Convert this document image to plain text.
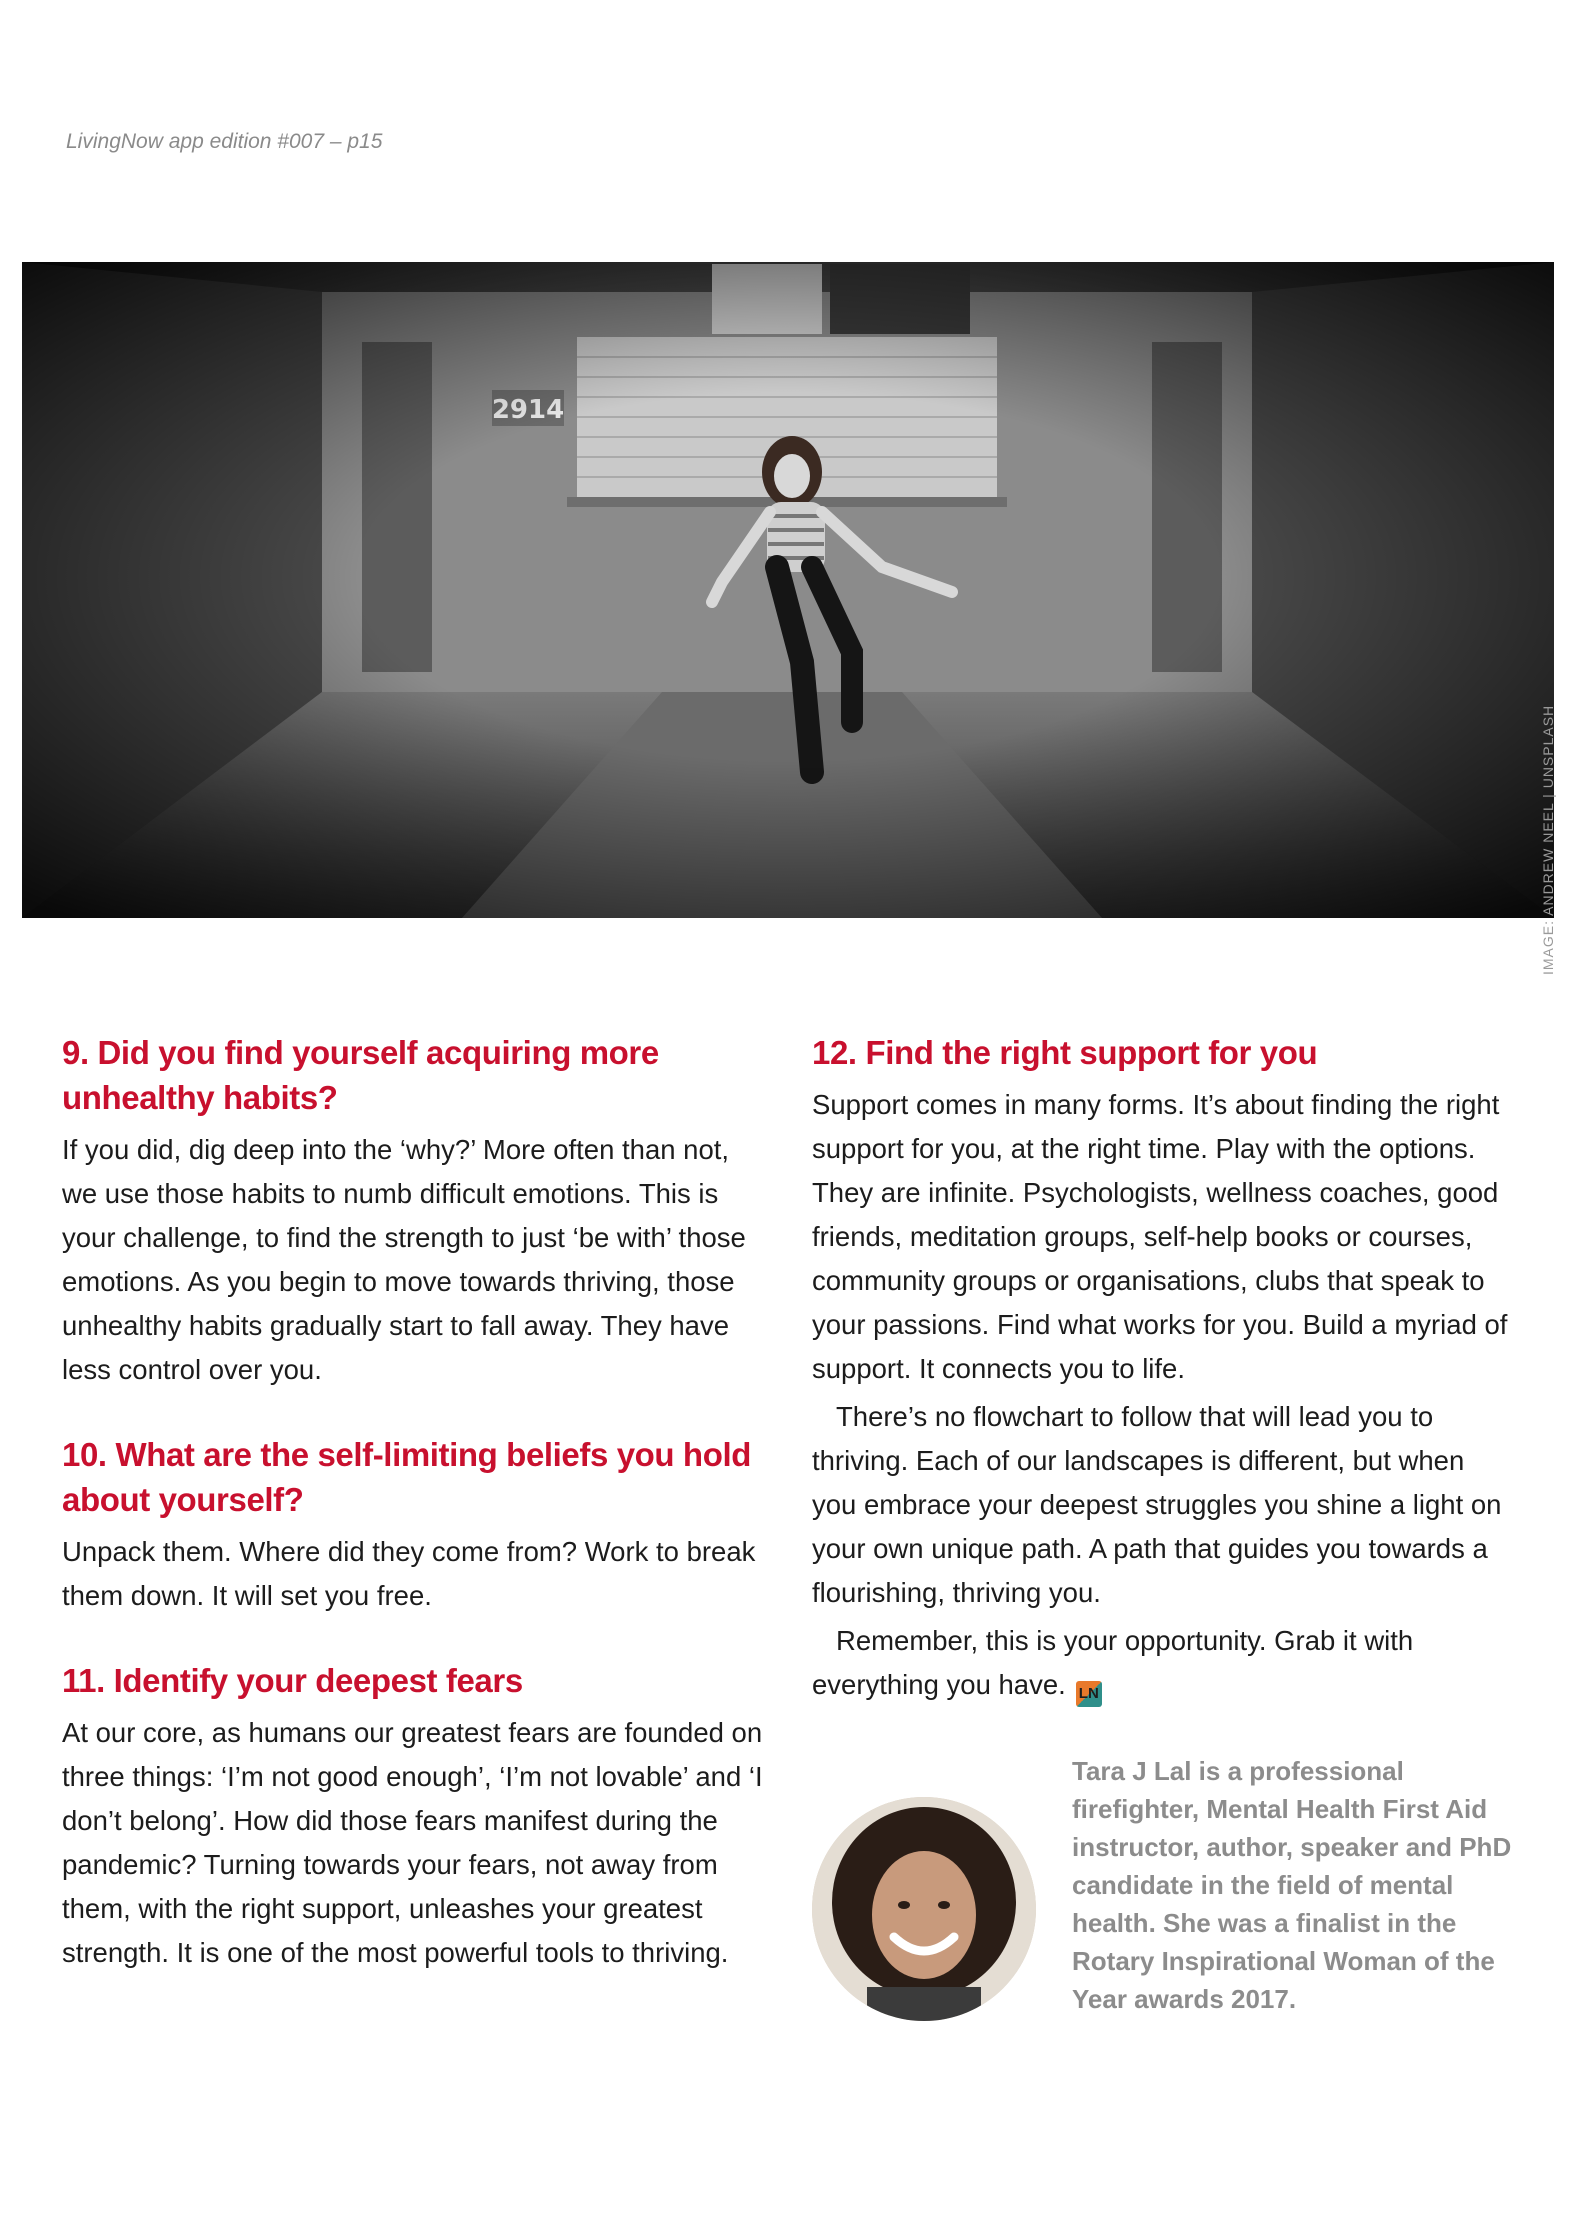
LivingNow app edition #007 – p15
IMAGE: ANDREW NEEL | UNSPLASH
9. Did you find yourself acquiring more unhealthy habits?

If you did, dig deep into the ‘why?’ More often than not, we use those habits to numb difficult emotions. This is your challenge, to find the strength to just ‘be with’ those emotions. As you begin to move towards thriving, those unhealthy habits gradually start to fall away. They have less control over you.

10. What are the self-limiting beliefs you hold about yourself?

Unpack them. Where did they come from? Work to break them down. It will set you free.

11. Identify your deepest fears

At our core, as humans our greatest fears are founded on three things: ‘I’m not good enough’, ‘I’m not lovable’ and ‘I don’t belong’. How did those fears manifest during the pandemic? Turning towards your fears, not away from them, with the right support, unleashes your greatest strength. It is one of the most powerful tools to thriving.

12. Find the right support for you

Support comes in many forms. It’s about finding the right support for you, at the right time. Play with the options. They are infinite. Psychologists, wellness coaches, good friends, meditation groups, self-help books or courses, community groups or organisations, clubs that speak to your passions. Find what works for you. Build a myriad of support. It connects you to life.

There’s no flowchart to follow that will lead you to thriving. Each of our landscapes is different, but when you embrace your deepest struggles you shine a light on your own unique path. A path that guides you towards a flourishing, thriving you.

Remember, this is your opportunity. Grab it with everything you have. LN

Tara J Lal is a professional firefighter, Mental Health First Aid instructor, author, speaker and PhD candidate in the field of mental health. She was a finalist in the Rotary Inspirational Woman of the Year awards 2017.
